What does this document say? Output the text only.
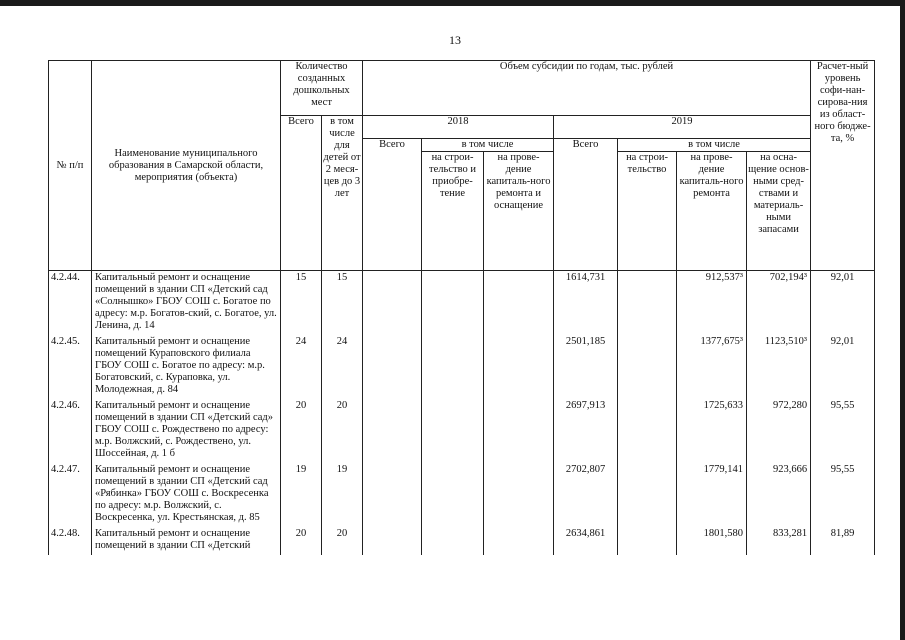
13
№ п/п	Наименование муниципального образования в Самарской области, мероприятия (объекта)	Количество созданных дошкольных мест		Объем субсидии по годам, тыс. рублей							Расчет-ный уровень софи-нан-сирова-ния из област-ного бюдже-та, %
		Всего	в том числе для детей от 2 меся-цев до 3 лет	2018			2019				
				Всего	в том числе		Всего	в том числе			
					на строи-тельство и приобре-тение	на прове-дение капиталь-ного ремонта и оснащение		на строи-тельство	на прове-дение капиталь-ного ремонта	на осна-щение основ-ными сред-ствами и материаль-ными запасами	
4.2.44.	Капитальный ремонт и оснащение помещений в здании СП «Детский сад «Солнышко» ГБОУ СОШ с. Богатое по адресу: м.р. Богатов-ский, с. Богатое, ул. Ленина, д. 14	15	15				1614,731		912,537³	702,194³	92,01
4.2.45.	Капитальный ремонт и оснащение помещений Кураповского филиала ГБОУ СОШ с. Богатое по адресу: м.р. Богатовский, с. Кураповка, ул. Молодежная, д. 84	24	24				2501,185		1377,675³	1123,510³	92,01
4.2.46.	Капитальный ремонт и оснащение помещений в здании СП «Детский сад» ГБОУ СОШ с. Рождествено по адресу: м.р. Волжский, с. Рождествено, ул. Шоссейная, д. 1 б	20	20				2697,913		1725,633	972,280	95,55
4.2.47.	Капитальный ремонт и оснащение помещений в здании СП «Детский сад «Рябинка» ГБОУ СОШ с. Воскресенка по адресу: м.р. Волжский, с. Воскресенка, ул. Крестьянская, д. 85	19	19				2702,807		1779,141	923,666	95,55
4.2.48.	Капитальный ремонт и оснащение помещений в здании СП «Детский	20	20				2634,861		1801,580	833,281	81,89
